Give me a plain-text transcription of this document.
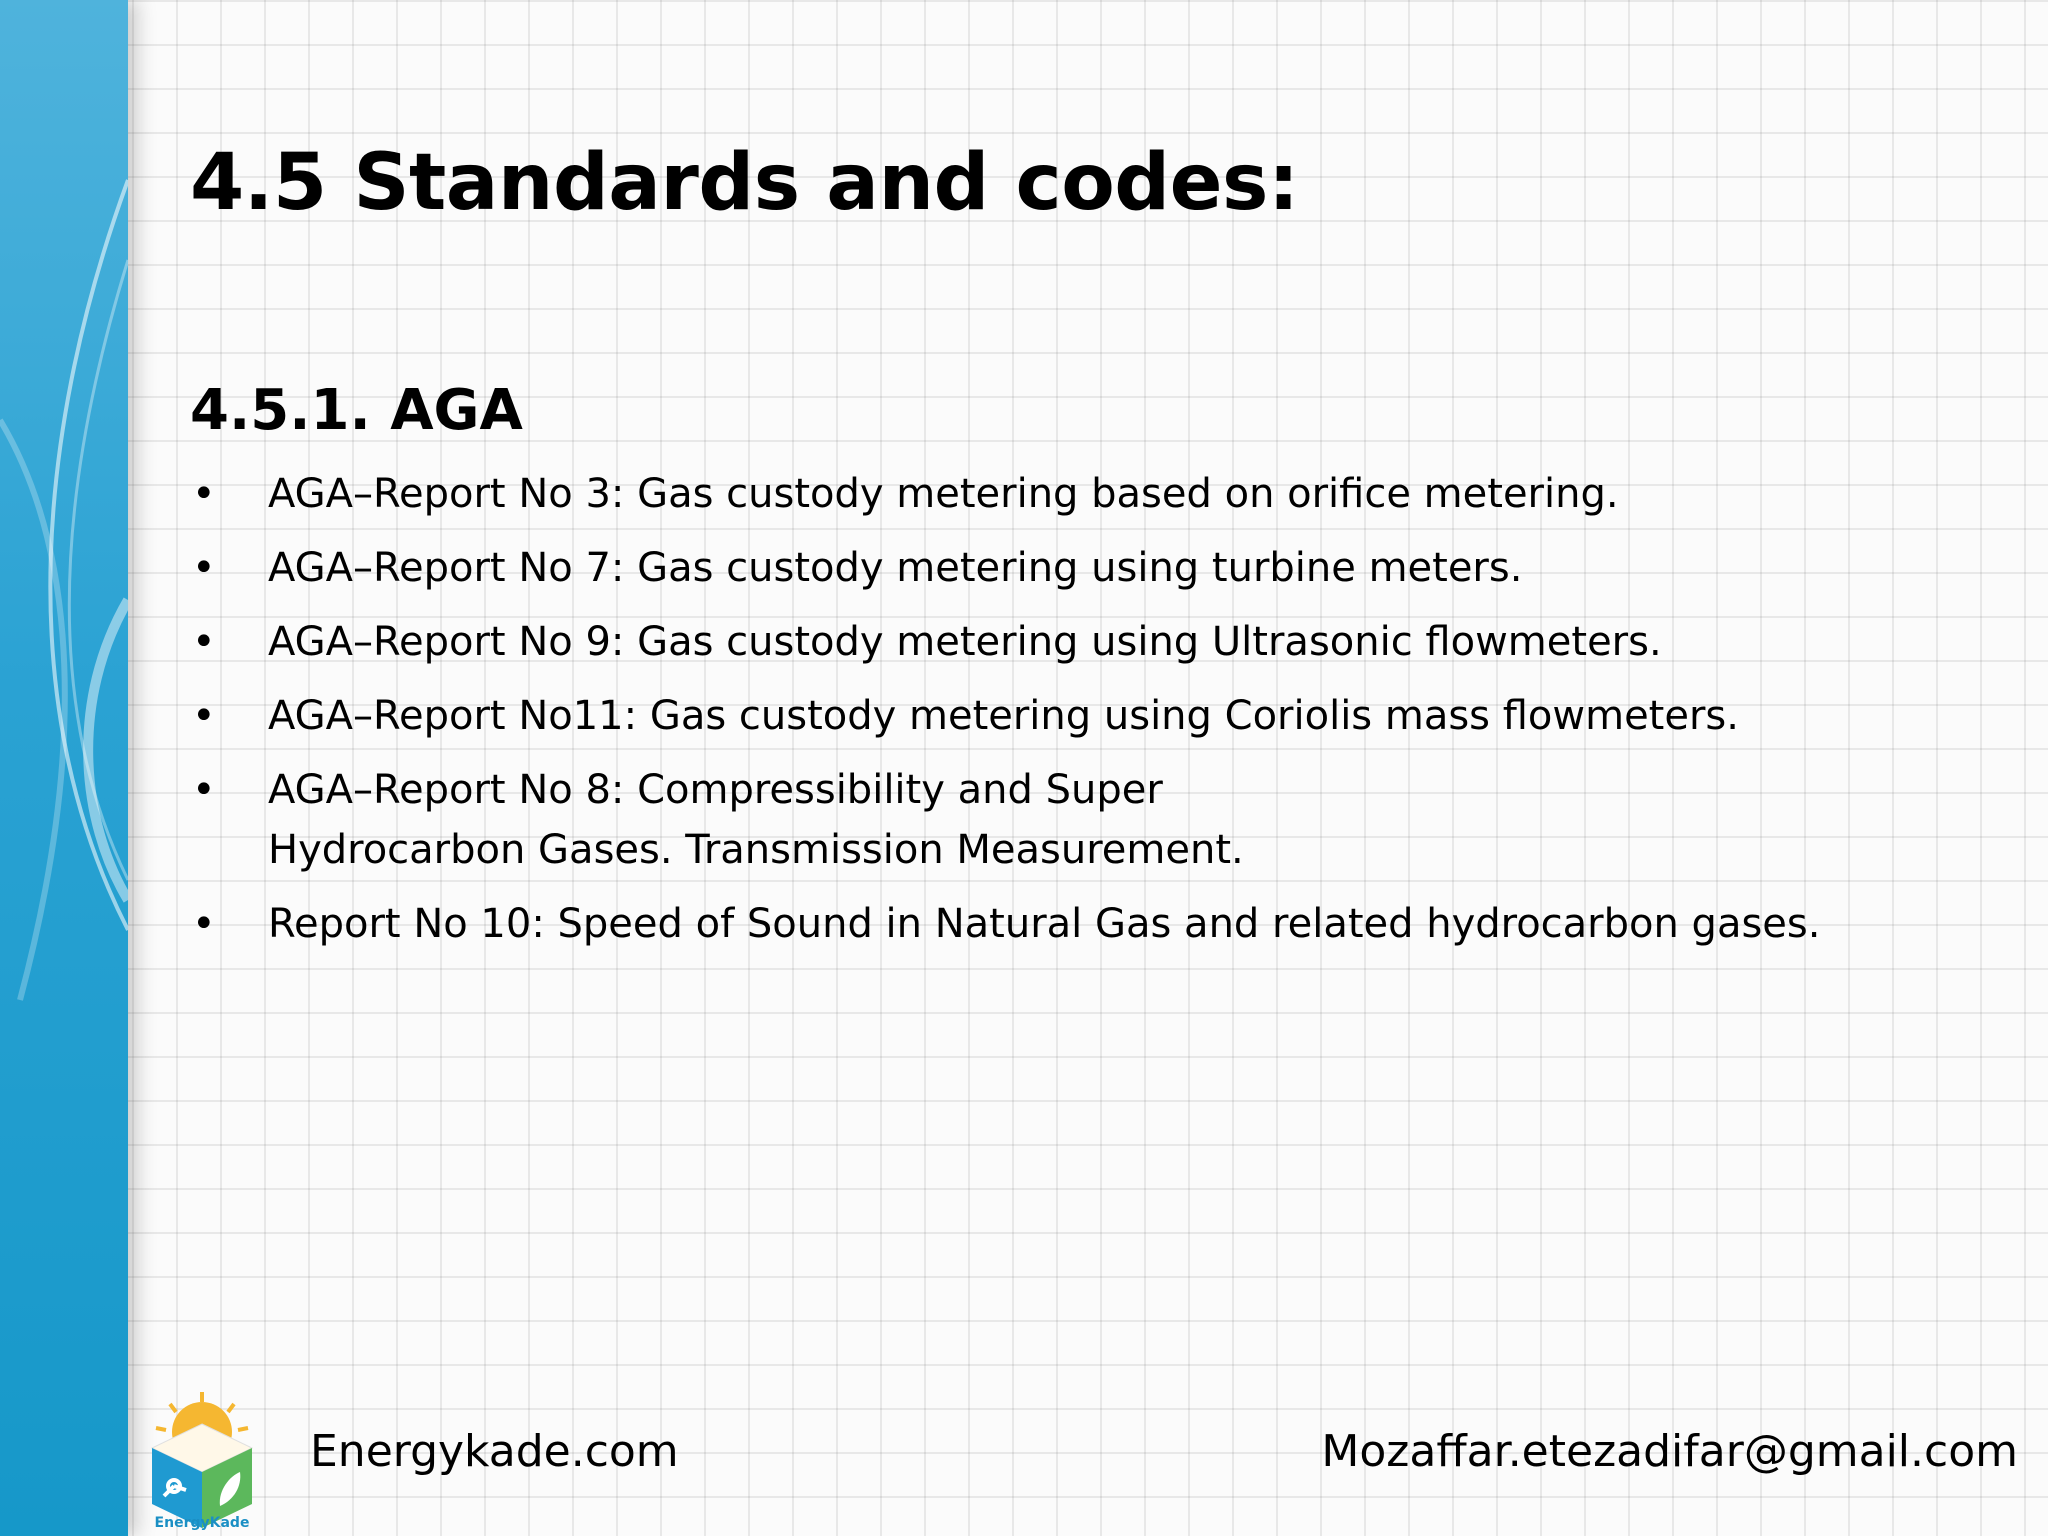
4.5 Standards and codes:
4.5.1. AGA
• AGA–Report No 3: Gas custody metering based on orifice metering.
• AGA–Report No 7: Gas custody metering using turbine meters.
• AGA–Report No 9: Gas custody metering using Ultrasonic flowmeters.
• AGA–Report No11: Gas custody metering using Coriolis mass flowmeters.
• AGA–Report No 8: Compressibility and Super
Hydrocarbon Gases. Transmission Measurement.
• Report No 10: Speed of Sound in Natural Gas and related hydrocarbon gases.
EnergyKade
Energykade.com	Mozaffar.etezadifar@gmail.com
